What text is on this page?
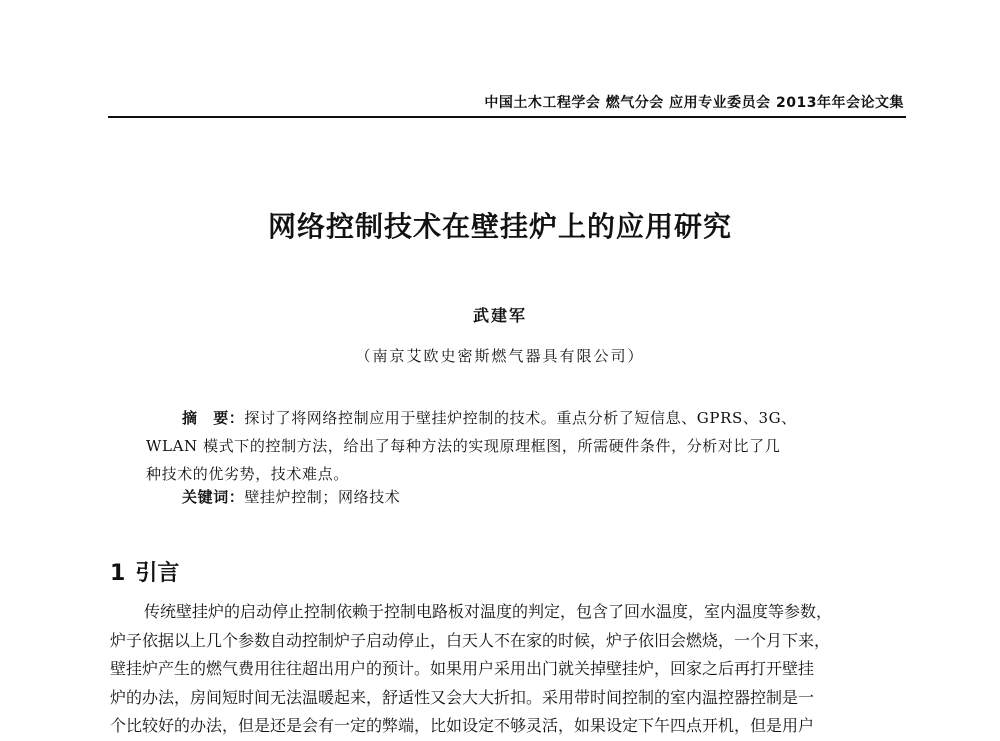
中国土木工程学会 燃气分会 应用专业委员会 2013年年会论文集
网络控制技术在壁挂炉上的应用研究
武建军
（南京艾欧史密斯燃气器具有限公司）
摘　要：探讨了将网络控制应用于壁挂炉控制的技术。重点分析了短信息、GPRS、3G、
WLAN 模式下的控制方法，给出了每种方法的实现原理框图，所需硬件条件，分析对比了几
种技术的优劣势，技术难点。
关键词：壁挂炉控制；网络技术
1 引言
传统壁挂炉的启动停止控制依赖于控制电路板对温度的判定，包含了回水温度，室内温度等参数，
炉子依据以上几个参数自动控制炉子启动停止，白天人不在家的时候，炉子依旧会燃烧，一个月下来，
壁挂炉产生的燃气费用往往超出用户的预计。如果用户采用出门就关掉壁挂炉，回家之后再打开壁挂
炉的办法，房间短时间无法温暖起来，舒适性又会大大折扣。采用带时间控制的室内温控器控制是一
个比较好的办法，但是还是会有一定的弊端，比如设定不够灵活，如果设定下午四点开机，但是用户
